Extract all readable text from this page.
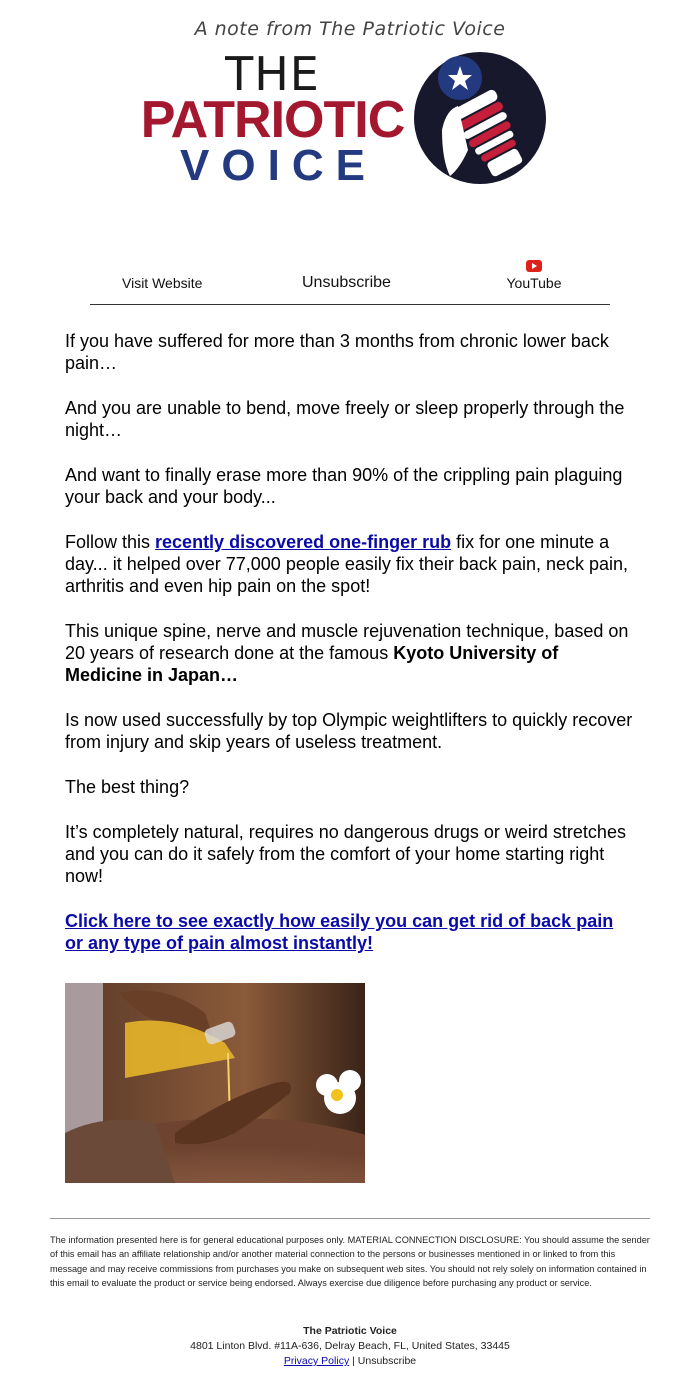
A note from The Patriotic Voice
THE
PATRIOTIC
VOICE
Visit Website	Unsubscribe	YouTube

If you have suffered for more than 3 months from chronic lower back pain…

And you are unable to bend, move freely or sleep properly through the night…

And want to finally erase more than 90% of the crippling pain plaguing your back and your body...

Follow this recently discovered one-finger rub fix for one minute a day... it helped over 77,000 people easily fix their back pain, neck pain, arthritis and even hip pain on the spot!

This unique spine, nerve and muscle rejuvenation technique, based on 20 years of research done at the famous Kyoto University of Medicine in Japan…

Is now used successfully by top Olympic weightlifters to quickly recover from injury and skip years of useless treatment.

The best thing?

It’s completely natural, requires no dangerous drugs or weird stretches and you can do it safely from the comfort of your home starting right now!

Click here to see exactly how easily you can get rid of back pain or any type of pain almost instantly!

The information presented here is for general educational purposes only. MATERIAL CONNECTION DISCLOSURE: You should assume the sender of this email has an affiliate relationship and/or another material connection to the persons or businesses mentioned in or linked to from this message and may receive commissions from purchases you make on subsequent web sites. You should not rely solely on information contained in this email to evaluate the product or service being endorsed. Always exercise due diligence before purchasing any product or service.

The Patriotic Voice
4801 Linton Blvd. #11A-636, Delray Beach, FL, United States, 33445
Privacy Policy | Unsubscribe
